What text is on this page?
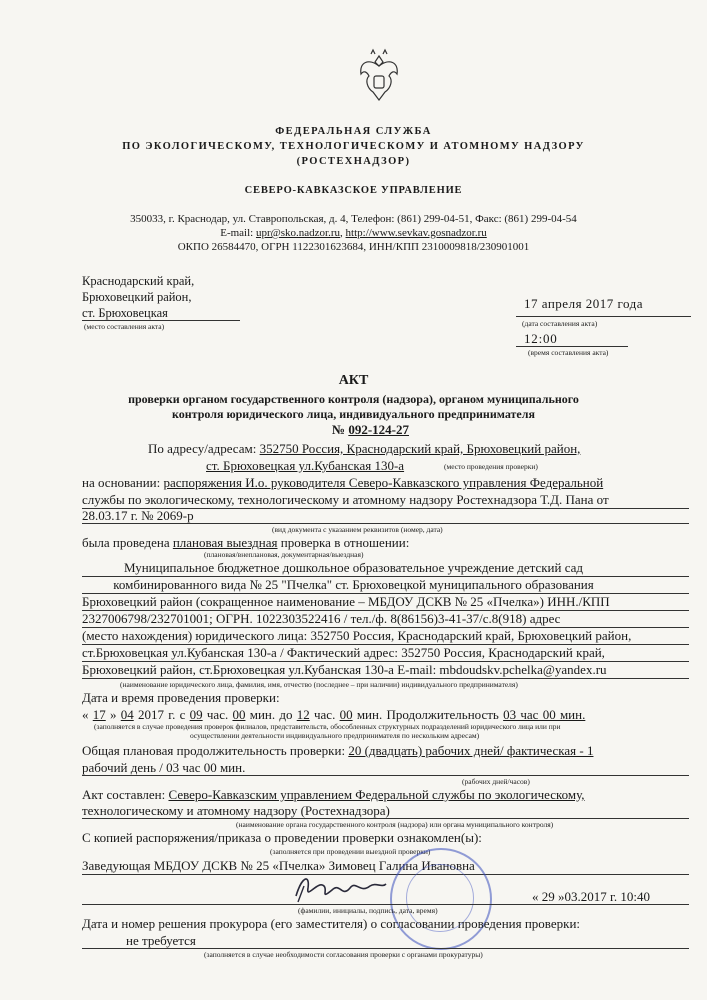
ФЕДЕРАЛЬНАЯ СЛУЖБА
ПО ЭКОЛОГИЧЕСКОМУ, ТЕХНОЛОГИЧЕСКОМУ И АТОМНОМУ НАДЗОРУ
(РОСТЕХНАДЗОР)
СЕВЕРО-КАВКАЗСКОЕ УПРАВЛЕНИЕ
350033, г. Краснодар, ул. Ставропольская, д. 4, Телефон: (861) 299-04-51, Факс: (861) 299-04-54
E-mail: upr@sko.nadzor.ru, http://www.sevkav.gosnadzor.ru
ОКПО 26584470, ОГРН 1122301623684, ИНН/КПП 2310009818/230901001
Краснодарский край,
Брюховецкий район,
ст. Брюховецкая
(место составления акта)
17 апреля 2017 года
(дата составления акта)
12:00
(время составления акта)
АКТ
проверки органом государственного контроля (надзора), органом муниципального
контроля юридического лица, индивидуального предпринимателя
№ 092-124-27
По адресу/адресам: 352750 Россия, Краснодарский край, Брюховецкий район,
ст. Брюховецкая ул.Кубанская 130-а	(место проведения проверки)
на основании: распоряжения И.о. руководителя Северо-Кавказского управления Федеральной
службы по экологическому, технологическому и атомному надзору Ростехнадзора Т.Д. Пана от
28.03.17 г. № 2069-р
(вид документа с указанием реквизитов (номер, дата)
была проведена плановая выездная проверка в отношении:
(плановая/внеплановая, документарная/выездная)
Муниципальное бюджетное дошкольное образовательное учреждение детский сад
комбинированного вида № 25 "Пчелка" ст. Брюховецкой муниципального образования
Брюховецкий район (сокращенное наименование – МБДОУ ДСКВ № 25 «Пчелка») ИНН./КПП
2327006798/232701001; ОГРН. 1022303522416 / тел./ф. 8(86156)3-41-37/с.8(918) адрес
(место нахождения) юридического лица: 352750 Россия, Краснодарский край, Брюховецкий район,
ст.Брюховецкая ул.Кубанская 130-а / Фактический адрес: 352750 Россия, Краснодарский край,
Брюховецкий район, ст.Брюховецкая ул.Кубанская 130-а E-mail: mbdoudskv.pchelka@yandex.ru
(наименование юридического лица, фамилия, имя, отчество (последнее – при наличии) индивидуального предпринимателя)
Дата и время проведения проверки:
« 17 » 04 2017 г. с 09 час. 00 мин. до 12 час. 00 мин. Продолжительность 03 час 00 мин.
(заполняется в случае проведения проверок филиалов, представительств, обособленных структурных подразделений юридического лица или при
осуществлении деятельности индивидуального предпринимателя по нескольким адресам)
Общая плановая продолжительность проверки: 20 (двадцать) рабочих дней/ фактическая - 1
рабочий день / 03 час 00 мин.
(рабочих дней/часов)
Акт составлен: Северо-Кавказским управлением Федеральной службы по экологическому,
технологическому и атомному надзору (Ростехнадзора)
(наименование органа государственного контроля (надзора) или органа муниципального контроля)
С копией распоряжения/приказа о проведении проверки ознакомлен(ы):
(заполняется при проведении выездной проверки)
Заведующая МБДОУ ДСКВ № 25 «Пчелка» Зимовец Галина Ивановна
« 29 »03.2017 г. 10:40
(фамилии, инициалы, подпись, дата, время)
Дата и номер решения прокурора (его заместителя) о согласовании проведения проверки:
не требуется
(заполняется в случае необходимости согласования проверки с органами прокуратуры)
